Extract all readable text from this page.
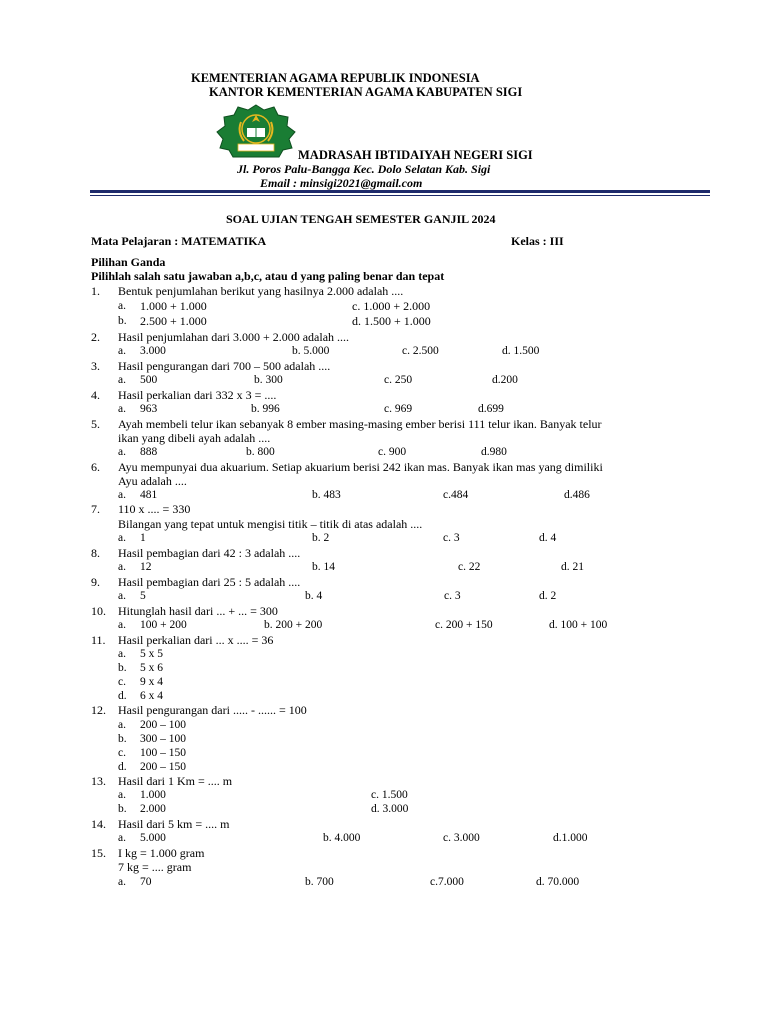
KEMENTERIAN AGAMA REPUBLIK INDONESIA
KANTOR KEMENTERIAN AGAMA KABUPATEN SIGI
MADRASAH IBTIDAIYAH NEGERI SIGI
Jl. Poros Palu-Bangga Kec. Dolo Selatan Kab. Sigi
Email : minsigi2021@gmail.com
SOAL UJIAN TENGAH SEMESTER GANJIL 2024
Mata Pelajaran : MATEMATIKA	Kelas : III
Pilihan Ganda
Pilihlah salah satu jawaban a,b,c, atau d yang paling benar dan tepat
1. Bentuk penjumlahan berikut yang hasilnya 2.000 adalah ....
a. 1.000 + 1.000	c. 1.000 + 2.000
b. 2.500 + 1.000	d. 1.500 + 1.000
2. Hasil penjumlahan dari 3.000 + 2.000 adalah ....
a. 3.000	b. 5.000	c. 2.500	d. 1.500
3. Hasil pengurangan dari 700 – 500 adalah ....
a. 500	b. 300	c. 250	d.200
4. Hasil perkalian dari 332 x 3 = ....
a. 963	b. 996	c. 969	d.699
5. Ayah membeli telur ikan sebanyak 8 ember masing-masing ember berisi 111 telur ikan. Banyak telur
ikan yang dibeli ayah adalah ....
a. 888	b. 800	c. 900	d.980
6. Ayu mempunyai dua akuarium. Setiap akuarium berisi 242 ikan mas. Banyak ikan mas yang dimiliki
Ayu adalah ....
a. 481	b. 483	c.484	d.486
7. 110 x .... = 330
Bilangan yang tepat untuk mengisi titik – titik di atas adalah ....
a. 1	b. 2	c. 3	d. 4
8. Hasil pembagian dari 42 : 3 adalah ....
a. 12	b. 14	c. 22	d. 21
9. Hasil pembagian dari 25 : 5 adalah ....
a. 5	b. 4	c. 3	d. 2
10. Hitunglah hasil dari ... + ... = 300
a. 100 + 200	b. 200 + 200	c. 200 + 150	d. 100 + 100
11. Hasil perkalian dari ... x .... = 36
a. 5 x 5
b. 5 x 6
c. 9 x 4
d. 6 x 4
12. Hasil pengurangan dari ..... - ...... = 100
a. 200 – 100
b. 300 – 100
c. 100 – 150
d. 200 – 150
13. Hasil dari 1 Km = .... m
a. 1.000	c. 1.500
b. 2.000	d. 3.000
14. Hasil dari 5 km = .... m
a. 5.000	b. 4.000	c. 3.000	d.1.000
15. I kg = 1.000 gram
7 kg = .... gram
a. 70	b. 700	c.7.000	d. 70.000
